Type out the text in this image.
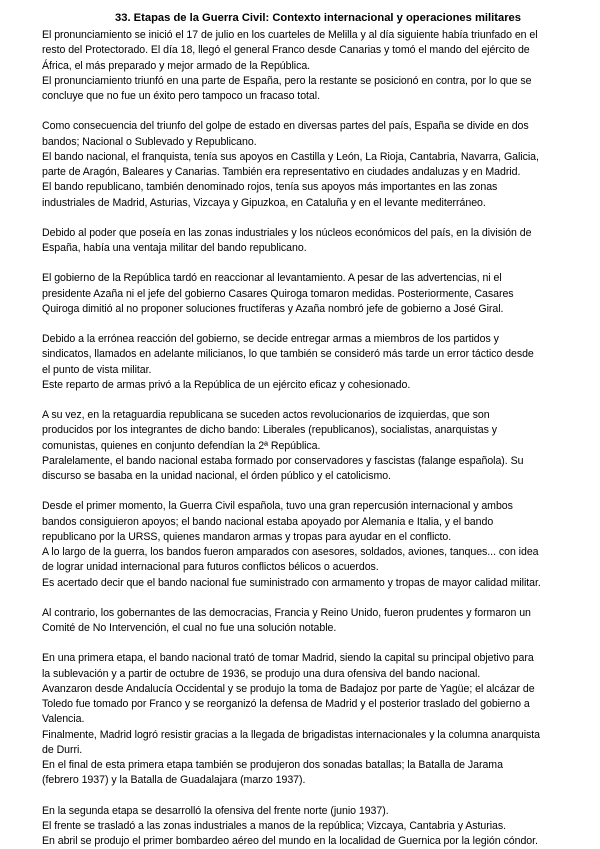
33. Etapas de la Guerra Civil: Contexto internacional y operaciones militares
El pronunciamiento se inició el 17 de julio en los cuarteles de Melilla y al día siguiente había triunfado en el
resto del Protectorado. El día 18, llegó el general Franco desde Canarias y tomó el mando del ejército de
África, el más preparado y mejor armado de la República.
El pronunciamiento triunfó en una parte de España, pero la restante se posicionó en contra, por lo que se
concluye que no fue un éxito pero tampoco un fracaso total.
Como consecuencia del triunfo del golpe de estado en diversas partes del país, España se divide en dos
bandos; Nacional o Sublevado y Republicano.
El bando nacional, el franquista, tenía sus apoyos en Castilla y León, La Rioja, Cantabria, Navarra, Galicia,
parte de Aragón, Baleares y Canarias. También era representativo en ciudades andaluzas y en Madrid.
El bando republicano, también denominado rojos, tenía sus apoyos más importantes en las zonas
industriales de Madrid, Asturias, Vizcaya y Gipuzkoa, en Cataluña y en el levante mediterráneo.
Debido al poder que poseía en las zonas industriales y los núcleos económicos del país, en la división de
España, había una ventaja militar del bando republicano.
El gobierno de la República tardó en reaccionar al levantamiento. A pesar de las advertencias, ni el
presidente Azaña ni el jefe del gobierno Casares Quiroga tomaron medidas. Posteriormente, Casares
Quiroga dimitió al no proponer soluciones fructíferas y Azaña nombró jefe de gobierno a José Giral.
Debido a la errónea reacción del gobierno, se decide entregar armas a miembros de los partidos y
sindicatos, llamados en adelante milicianos, lo que también se consideró más tarde un error táctico desde
el punto de vista militar.
Este reparto de armas privó a la República de un ejército eficaz y cohesionado.
A su vez, en la retaguardia republicana se suceden actos revolucionarios de izquierdas, que son
producidos por los integrantes de dicho bando: Liberales (republicanos), socialistas, anarquistas y
comunistas, quienes en conjunto defendían la 2ª República.
Paralelamente, el bando nacional estaba formado por conservadores y fascistas (falange española). Su
discurso se basaba en la unidad nacional, el órden público y el catolicismo.
Desde el primer momento, la Guerra Civil española, tuvo una gran repercusión internacional y ambos
bandos consiguieron apoyos; el bando nacional estaba apoyado por Alemania e Italia, y el bando
republicano por la URSS, quienes mandaron armas y tropas para ayudar en el conflicto.
A lo largo de la guerra, los bandos fueron amparados con asesores, soldados, aviones, tanques... con idea
de lograr unidad internacional para futuros conflictos bélicos o acuerdos.
Es acertado decir que el bando nacional fue suministrado con armamento y tropas de mayor calidad militar.
Al contrario, los gobernantes de las democracias, Francia y Reino Unido, fueron prudentes y formaron un
Comité de No Intervención, el cual no fue una solución notable.
En una primera etapa, el bando nacional trató de tomar Madrid, siendo la capital su principal objetivo para
la sublevación y a partir de octubre de 1936, se produjo una dura ofensiva del bando nacional.
Avanzaron desde Andalucía Occidental y se produjo la toma de Badajoz por parte de Yagüe; el alcázar de
Toledo fue tomado por Franco y se reorganizó la defensa de Madrid y el posterior traslado del gobierno a
Valencia.
Finalmente, Madrid logró resistir gracias a la llegada de brigadistas internacionales y la columna anarquista
de Durri.
En el final de esta primera etapa también se produjeron dos sonadas batallas; la Batalla de Jarama
(febrero 1937) y la Batalla de Guadalajara (marzo 1937).
En la segunda etapa se desarrolló la ofensiva del frente norte (junio 1937).
El frente se trasladó a las zonas industriales a manos de la república; Vizcaya, Cantabria y Asturias.
En abril se produjo el primer bombardeo aéreo del mundo en la localidad de Guernica por la legión cóndor.
